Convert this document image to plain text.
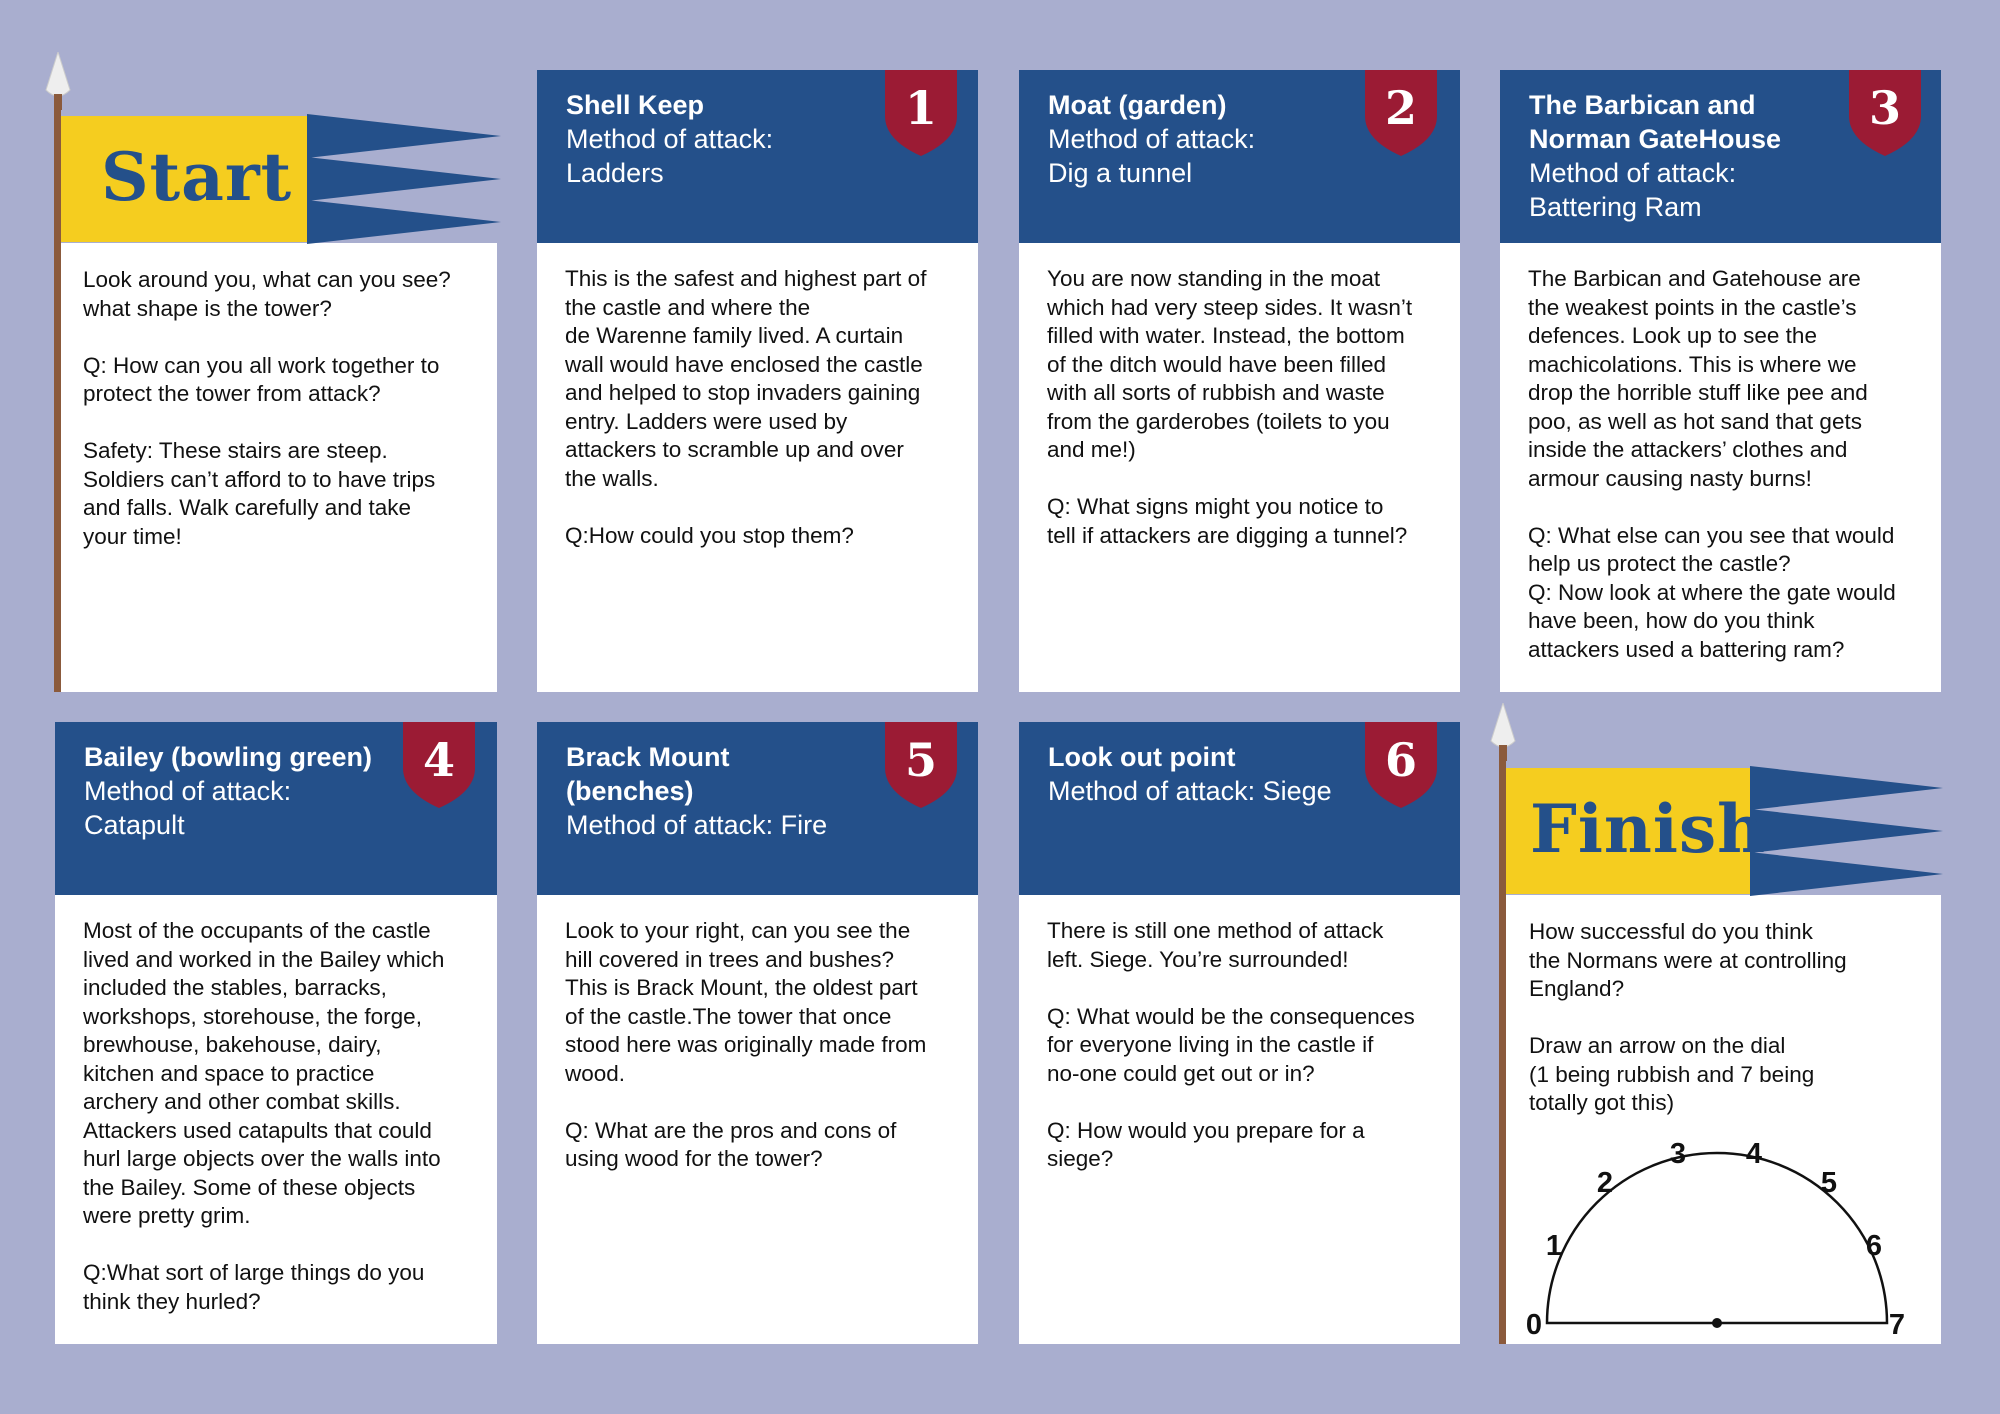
Start

Look around you, what can you see?
what shape is the tower?

Q: How can you all work together to
protect the tower from attack?

Safety: These stairs are steep.
Soldiers can’t afford to to have trips
and falls. Walk carefully and take
your time!

Shell Keep

Method of attack:
Ladders

1

This is the safest and highest part of
the castle and where the
de Warenne family lived. A curtain
wall would have enclosed the castle
and helped to stop invaders gaining
entry. Ladders were used by
attackers to scramble up and over
the walls.

Q:How could you stop them?

Moat (garden)

Method of attack:
Dig a tunnel

2

You are now standing in the moat
which had very steep sides. It wasn’t
filled with water. Instead, the bottom
of the ditch would have been filled
with all sorts of rubbish and waste
from the garderobes (toilets to you
and me!)

Q: What signs might you notice to
tell if attackers are digging a tunnel?

The Barbican and
Norman GateHouse

Method of attack:
Battering Ram

3

The Barbican and Gatehouse are
the weakest points in the castle’s
defences. Look up to see the
machicolations. This is where we
drop the horrible stuff like pee and
poo, as well as hot sand that gets
inside the attackers’ clothes and
armour causing nasty burns!

Q: What else can you see that would
help us protect the castle?
Q: Now look at where the gate would
have been, how do you think
attackers used a battering ram?

Bailey (bowling green)

Method of attack:
Catapult

4

Most of the occupants of the castle
lived and worked in the Bailey which
included the stables, barracks,
workshops, storehouse, the forge,
brewhouse, bakehouse, dairy,
kitchen and space to practice
archery and other combat skills.
Attackers used catapults that could
hurl large objects over the walls into
the Bailey. Some of these objects
were pretty grim.

Q:What sort of large things do you
think they hurled?

Brack Mount
(benches)

Method of attack: Fire

5

Look to your right, can you see the
hill covered in trees and bushes?
This is Brack Mount, the oldest part
of the castle.The tower that once
stood here was originally made from
wood.

Q: What are the pros and cons of
using wood for the tower?

Look out point

Method of attack: Siege

6

There is still one method of attack
left. Siege. You’re surrounded!

Q: What would be the consequences
for everyone living in the castle if
no-one could get out or in?

Q: How would you prepare for a
siege?

Finish

How successful do you think
the Normans were at controlling
England?

Draw an arrow on the dial
(1 being rubbish and 7 being
totally got this)

0
1
2
3 4
5
6
7
